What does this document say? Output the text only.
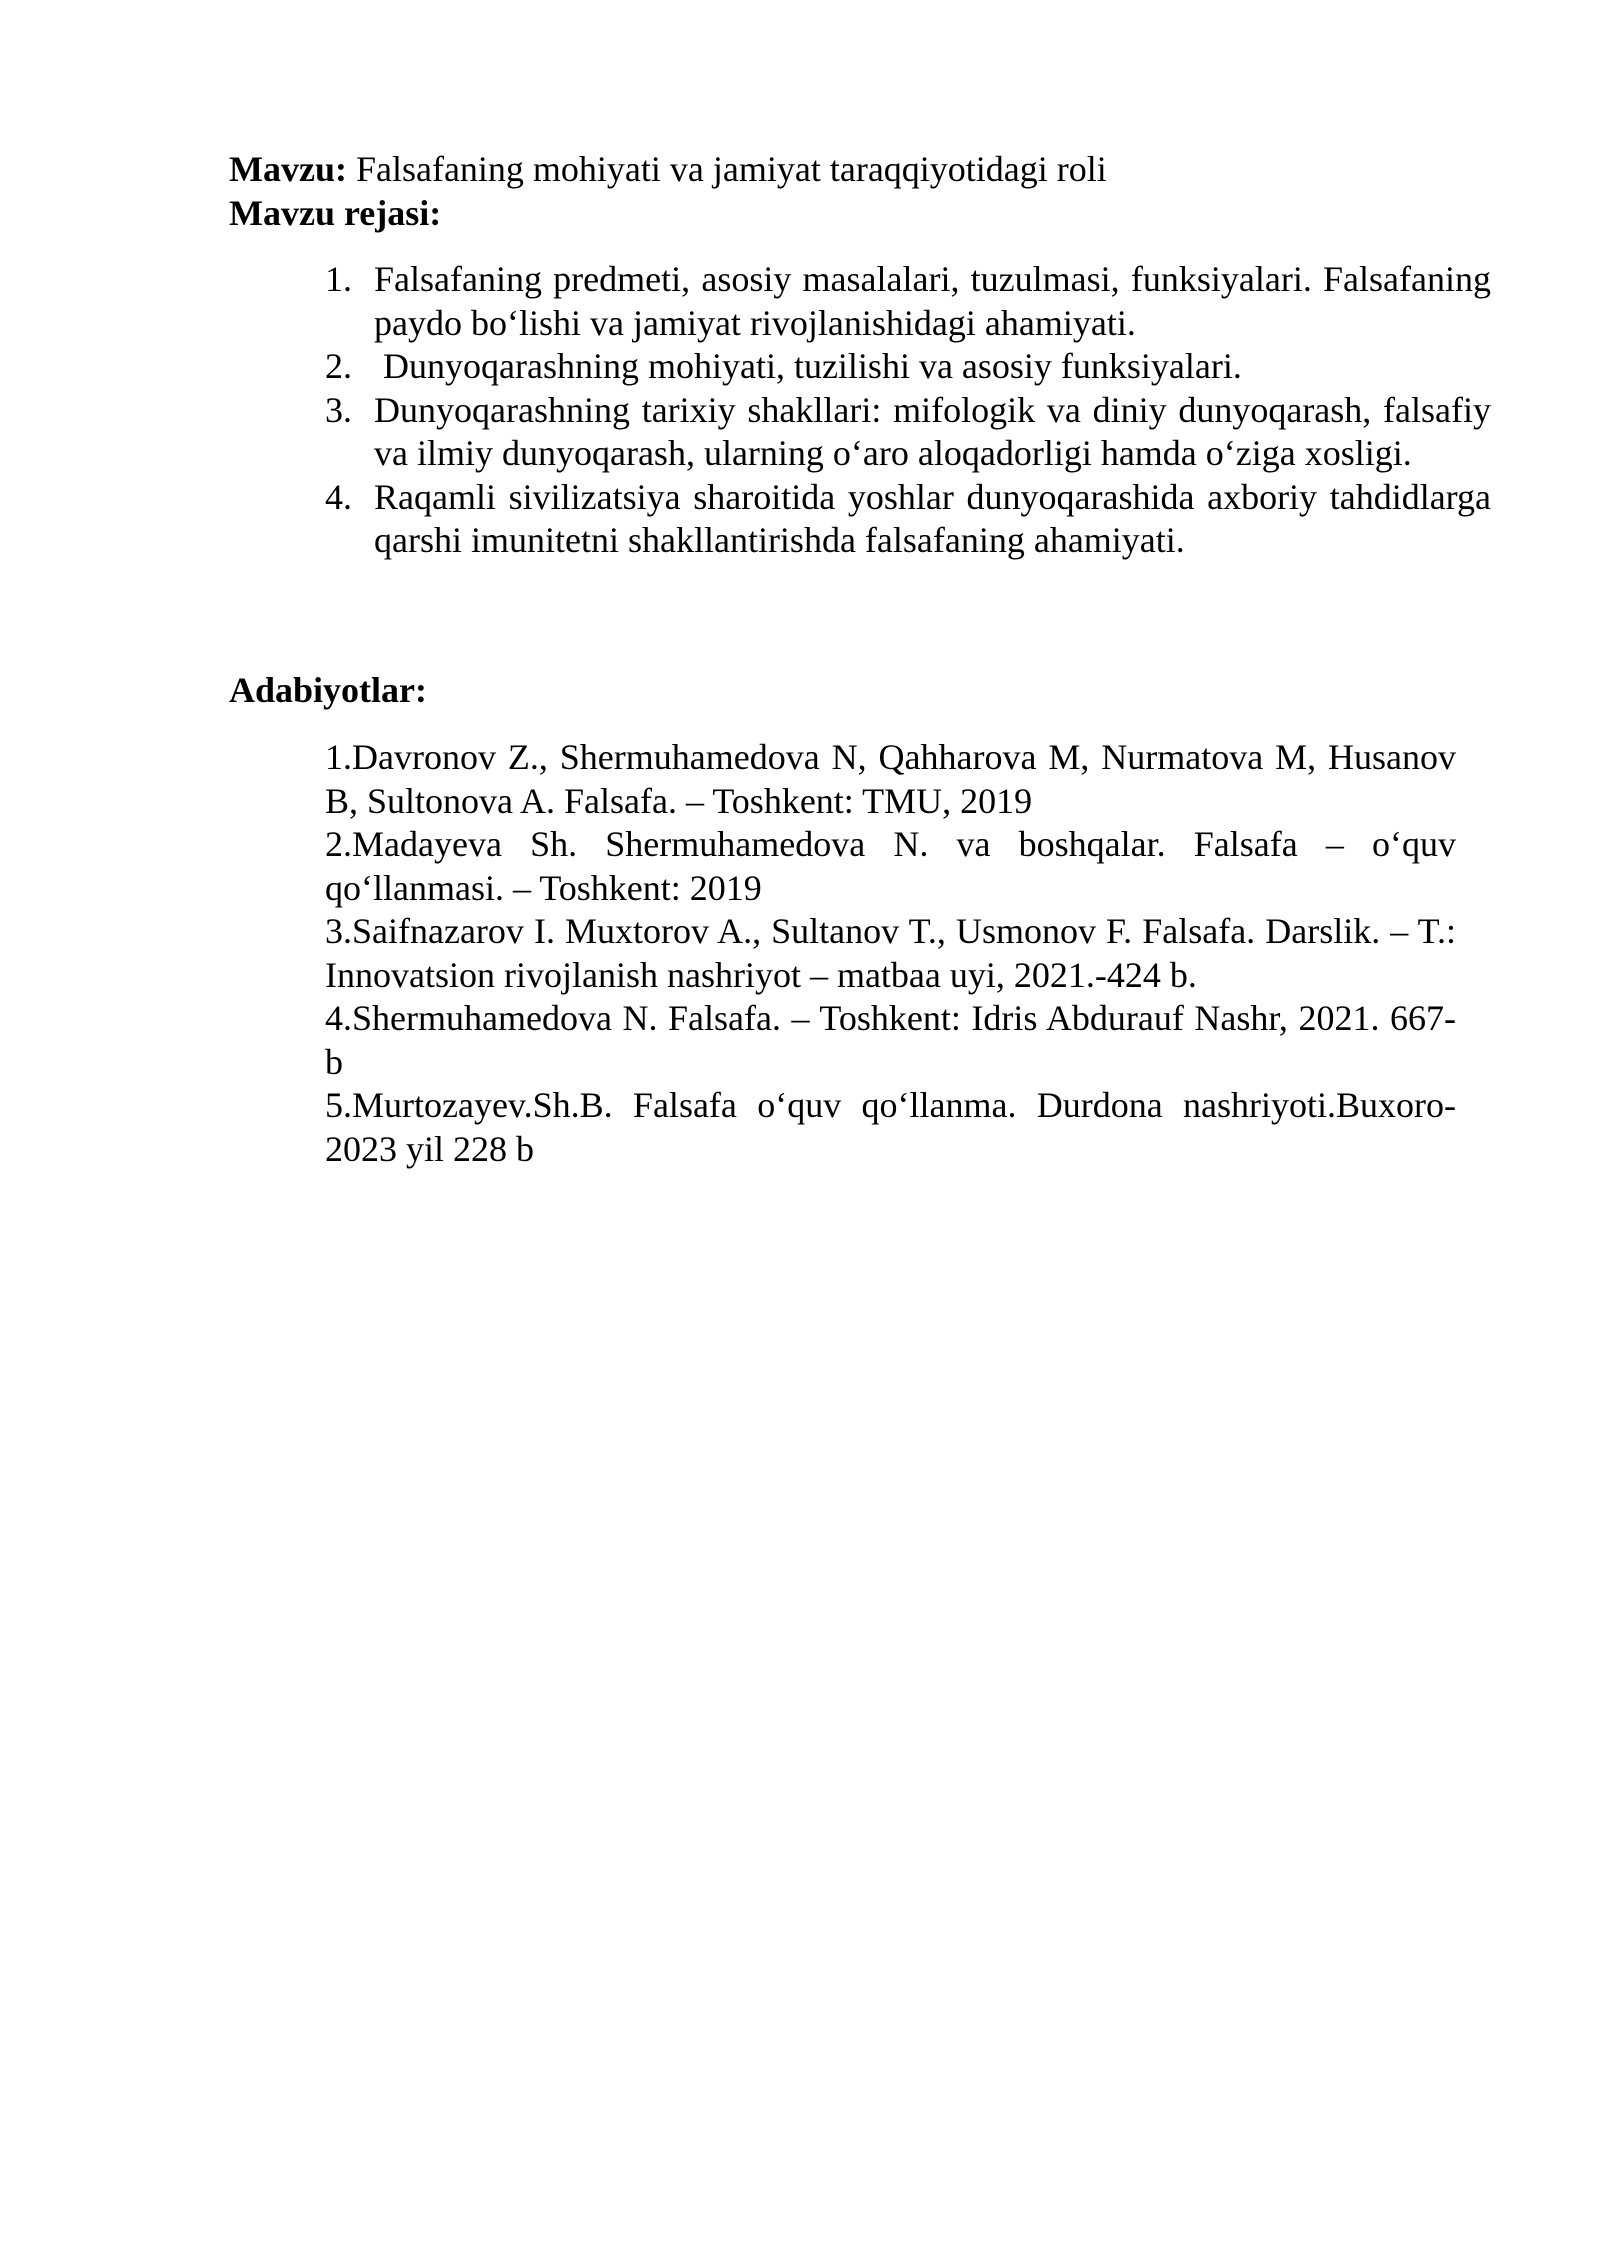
Mavzu: Falsafaning mohiyati va jamiyat taraqqiyotidagi roli
Mavzu rejasi:
1. Falsafaning predmeti, asosiy masalalari, tuzulmasi, funksiyalari. Falsafaning paydo bo‘lishi va jamiyat rivojlanishidagi ahamiyati.
2. Dunyoqarashning mohiyati, tuzilishi va asosiy funksiyalari.
3. Dunyoqarashning tarixiy shakllari: mifologik va diniy dunyoqarash, falsafiy va ilmiy dunyoqarash, ularning o‘aro aloqadorligi hamda o‘ziga xosligi.
4. Raqamli sivilizatsiya sharoitida yoshlar dunyoqarashida axboriy tahdidlarga qarshi imunitetni shakllantirishda falsafaning ahamiyati.
Adabiyotlar:

1.Davronov Z., Shermuhamedova N, Qahharova M, Nurmatova M, Husanov B, Sultonova A. Falsafa. – Toshkent: TMU, 2019

2.Madayeva Sh. Shermuhamedova N. va boshqalar. Falsafa – o‘quv qo‘llanmasi. – Toshkent: 2019

3.Saifnazarov I. Muxtorov A., Sultanov T., Usmonov F. Falsafa. Darslik. – T.: Innovatsion rivojlanish nashriyot – matbaa uyi, 2021.-424 b.

4.Shermuhamedova N. Falsafa. – Toshkent: Idris Abdurauf Nashr, 2021. 667-b

5.Murtozayev.Sh.B. Falsafa o‘quv qo‘llanma. Durdona nashriyoti.Buxoro-2023 yil 228 b
